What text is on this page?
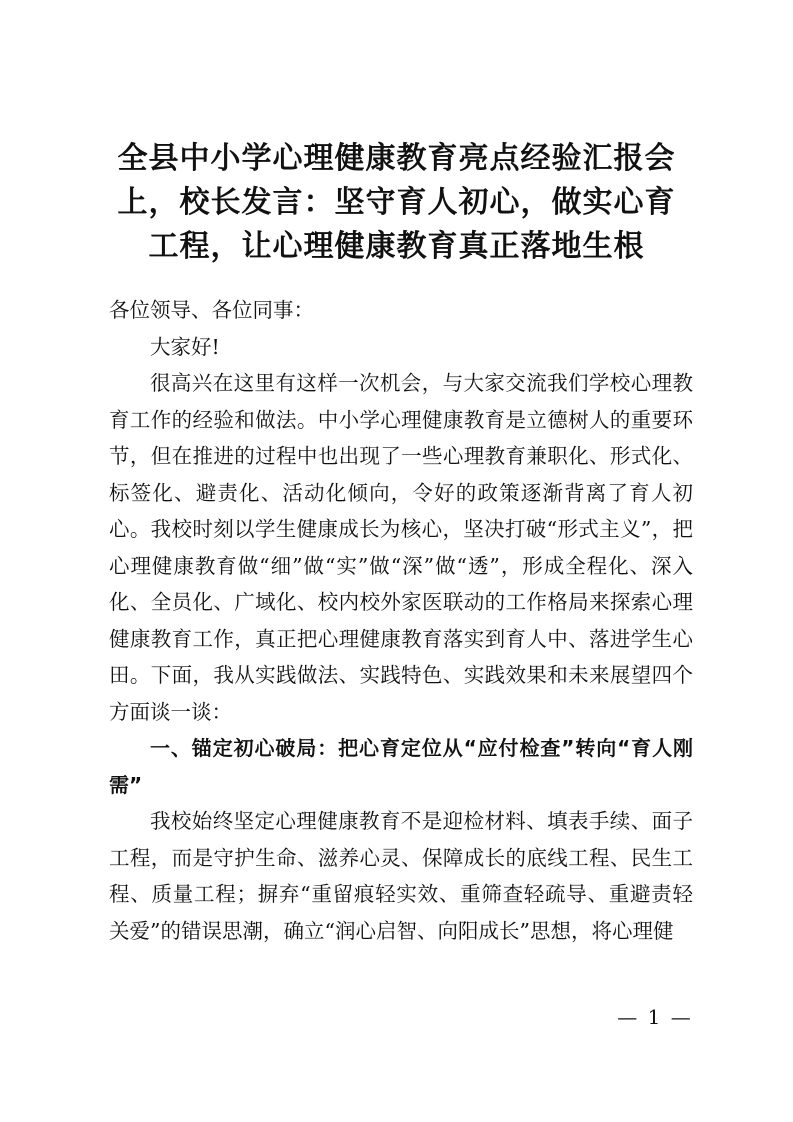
全县中小学心理健康教育亮点经验汇报会
上，校长发言：坚守育人初心，做实心育
工程，让心理健康教育真正落地生根

各位领导、各位同事：

大家好!

很高兴在这里有这样一次机会，与大家交流我们学校心理教育工作的经验和做法。中小学心理健康教育是立德树人的重要环节，但在推进的过程中也出现了一些心理教育兼职化、形式化、标签化、避责化、活动化倾向，令好的政策逐渐背离了育人初心。我校时刻以学生健康成长为核心，坚决打破“形式主义”，把心理健康教育做“细”做“实”做“深”做“透”，形成全程化、深入化、全员化、广域化、校内校外家医联动的工作格局来探索心理健康教育工作，真正把心理健康教育落实到育人中、落进学生心田。下面，我从实践做法、实践特色、实践效果和未来展望四个方面谈一谈：

一、锚定初心破局：把心育定位从“应付检查”转向“育人刚需”

我校始终坚定心理健康教育不是迎检材料、填表手续、面子工程，而是守护生命、滋养心灵、保障成长的底线工程、民生工程、质量工程；摒弃“重留痕轻实效、重筛查轻疏导、重避责轻关爱”的错误思潮，确立“润心启智、向阳成长”思想，将心理健

— 1 —
